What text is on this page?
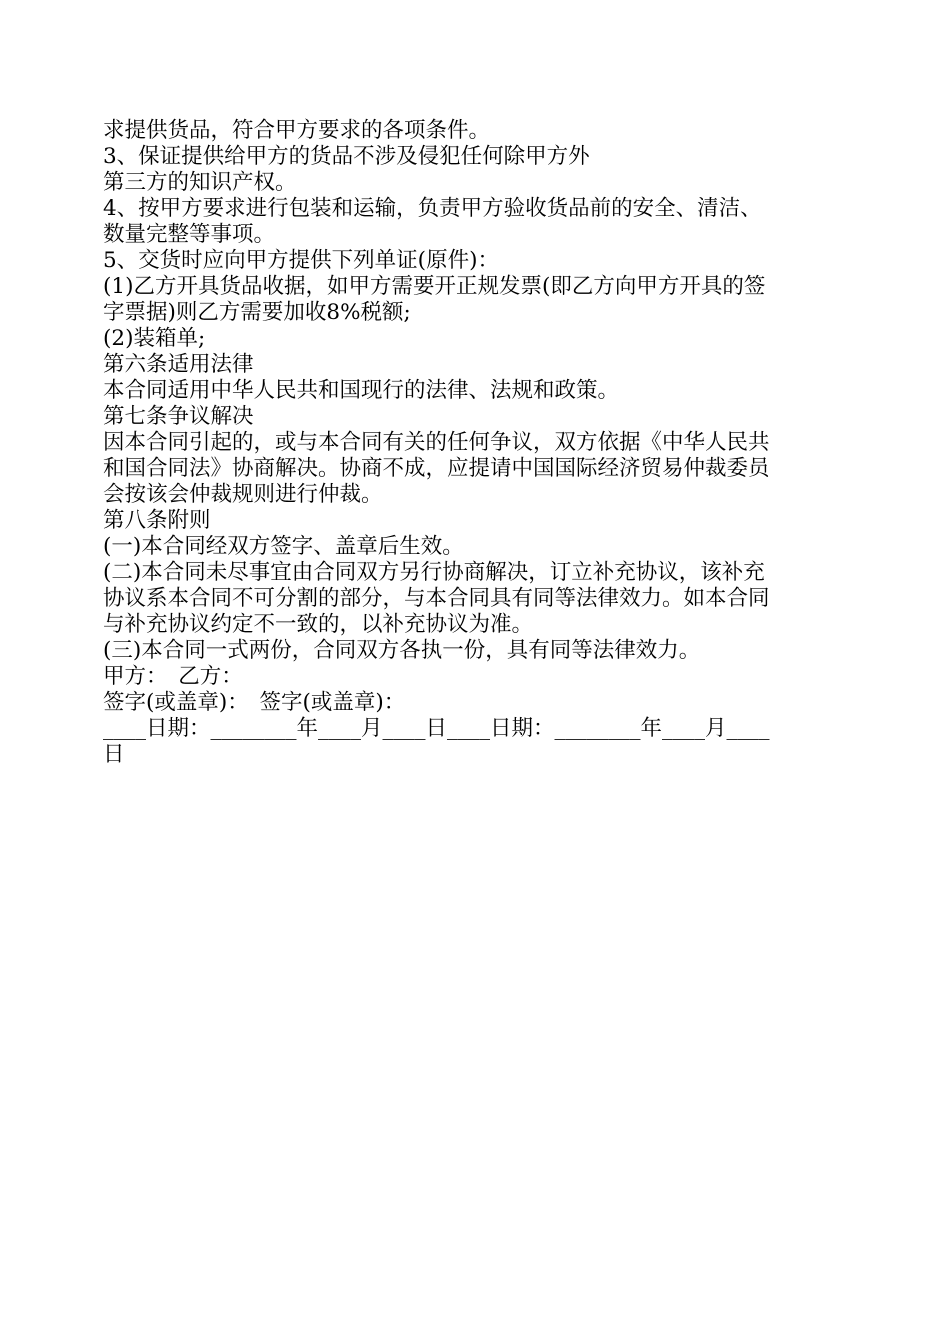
求提供货品，符合甲方要求的各项条件。
3、保证提供给甲方的货品不涉及侵犯任何除甲方外
第三方的知识产权。
4、按甲方要求进行包装和运输，负责甲方验收货品前的安全、清洁、
数量完整等事项。
5、交货时应向甲方提供下列单证(原件)：
(1)乙方开具货品收据，如甲方需要开正规发票(即乙方向甲方开具的签
字票据)则乙方需要加收8%税额;
(2)装箱单;
第六条适用法律
本合同适用中华人民共和国现行的法律、法规和政策。
第七条争议解决
因本合同引起的，或与本合同有关的任何争议，双方依据《中华人民共
和国合同法》协商解决。协商不成，应提请中国国际经济贸易仲裁委员
会按该会仲裁规则进行仲裁。
第八条附则
(一)本合同经双方签字、盖章后生效。
(二)本合同未尽事宜由合同双方另行协商解决，订立补充协议，该补充
协议系本合同不可分割的部分，与本合同具有同等法律效力。如本合同
与补充协议约定不一致的，以补充协议为准。
(三)本合同一式两份，合同双方各执一份，具有同等法律效力。
甲方：　乙方：
签字(或盖章)：　签字(或盖章)：
____日期：________年____月____日____日期：________年____月____
日
